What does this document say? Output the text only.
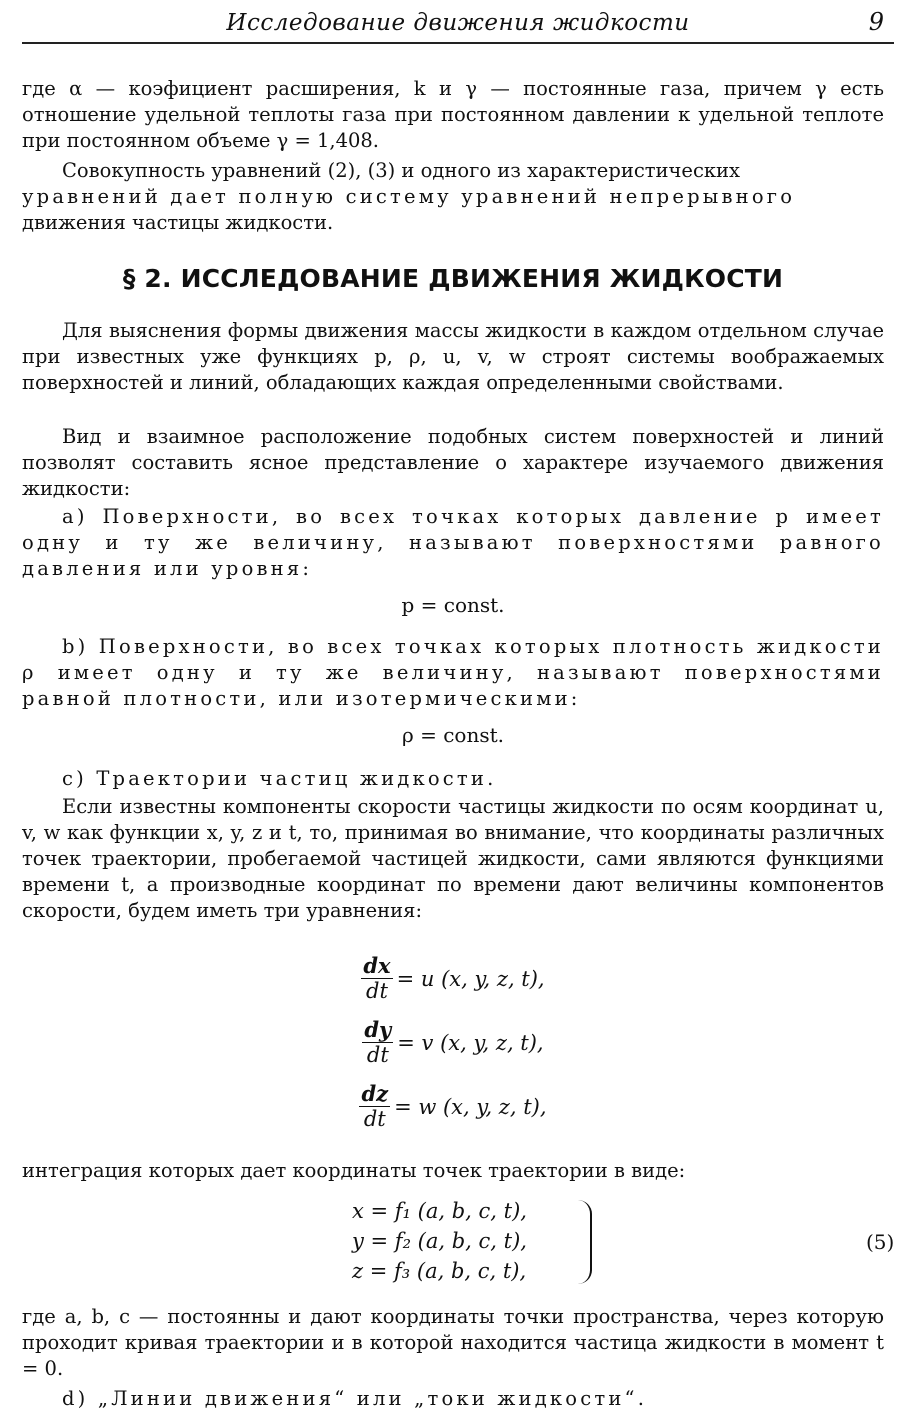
Исследование движения жидкости	9

где α — коэфициент расширения, k и γ — постоянные газа, причем γ есть отношение удельной теплоты газа при постоянном давлении к удельной теплоте при постоянном объеме γ = 1,408.

Совокупность уравнений (2), (3) и одного из характеристических

уравнений дает полную систему уравнений непрерывного

движения частицы жидкости.

§ 2. ИССЛЕДОВАНИЕ ДВИЖЕНИЯ ЖИДКОСТИ

Для выяснения формы движения массы жидкости в каждом отдельном случае при известных уже функциях p, ρ, u, v, w строят системы воображаемых поверхностей и линий, обладающих каждая определенными свойствами.

Вид и взаимное расположение подобных систем поверхностей и линий позволят составить ясное представление о характере изучаемого движения жидкости:

a) Поверхности, во всех точках которых давление p имеет одну и ту же величину, называют поверхностями равного давления или уровня:

p = const.

b) Поверхности, во всех точках которых плотность жидкости ρ имеет одну и ту же величину, называют поверхностями равной плотности, или изотермическими:

ρ = const.

c) Траектории частиц жидкости.

Если известны компоненты скорости частицы жидкости по осям координат u, v, w как функции x, y, z и t, то, принимая во внимание, что координаты различных точек траектории, пробегаемой частицей жидкости, сами являются функциями времени t, а производные координат по времени дают величины компонентов скорости, будем иметь три уравнения:

$\frac{dx}{dt} = u$ (x, y, z, t),
$\frac{dy}{dt} = v$ (x, y, z, t),
$\frac{dz}{dt} = w$ (x, y, z, t),

интеграция которых дает координаты точек траектории в виде:

x = f₁ (a, b, c, t),
y = f₂ (a, b, c, t),
z = f₃ (a, b, c, t),
(5)

где a, b, c — постоянны и дают координаты точки пространства, через которую проходит кривая траектории и в которой находится частица жидкости в момент t = 0.

d) „Линии движения“ или „токи жидкости“.
